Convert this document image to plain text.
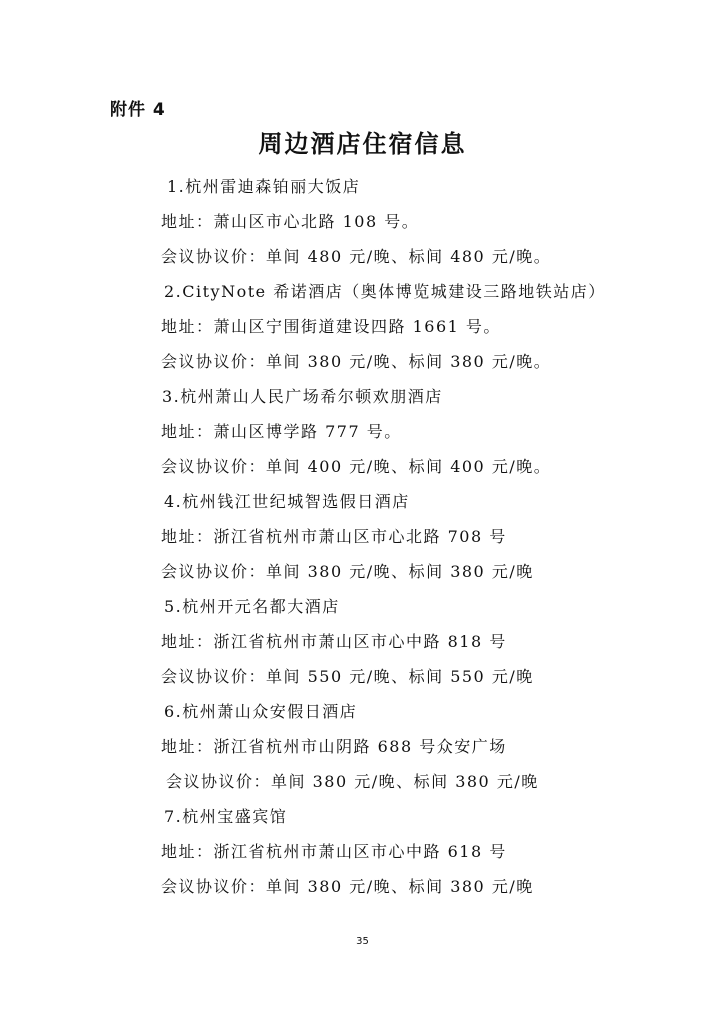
附件 4
周边酒店住宿信息
1.杭州雷迪森铂丽大饭店
地址：萧山区市心北路 108 号。
会议协议价：单间 480 元/晚、标间 480 元/晚。
2.CityNote 希诺酒店（奥体博览城建设三路地铁站店）
地址：萧山区宁围街道建设四路 1661 号。
会议协议价：单间 380 元/晚、标间 380 元/晚。
3.杭州萧山人民广场希尔顿欢朋酒店
地址：萧山区博学路 777 号。
会议协议价：单间 400 元/晚、标间 400 元/晚。
4.杭州钱江世纪城智选假日酒店
地址：浙江省杭州市萧山区市心北路 708 号
会议协议价：单间 380 元/晚、标间 380 元/晚
5.杭州开元名都大酒店
地址：浙江省杭州市萧山区市心中路 818 号
会议协议价：单间 550 元/晚、标间 550 元/晚
6.杭州萧山众安假日酒店
地址：浙江省杭州市山阴路 688 号众安广场
会议协议价：单间 380 元/晚、标间 380 元/晚
7.杭州宝盛宾馆
地址：浙江省杭州市萧山区市心中路 618 号
会议协议价：单间 380 元/晚、标间 380 元/晚
35
